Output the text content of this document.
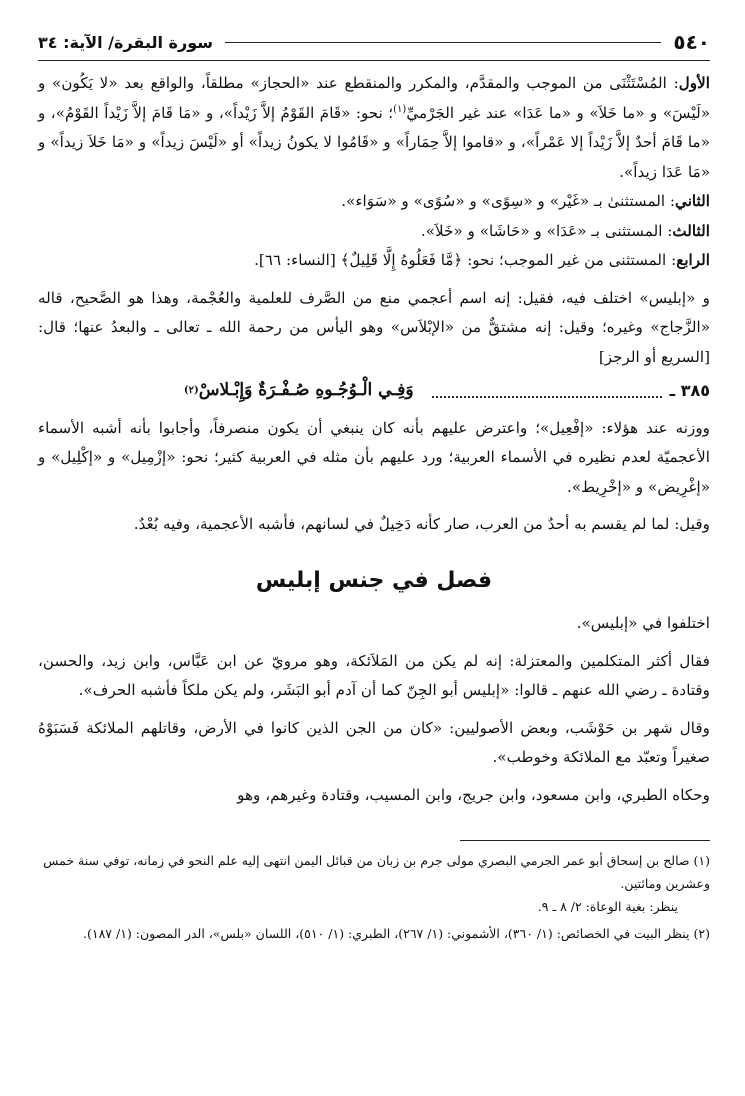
٥٤٠
سورة البقرة/ الآية: ٣٤

الأول: المُسْتَثْنَى من الموجب والمقدَّم، والمكرر والمنقطع عند «الحجاز» مطلقاً، والواقع بعد «لا يَكُون» و «لَيْسَ» و «ما خَلاَ» و «ما عَدَا» عند غير الجَرْميِّ$^{(١)}$؛ نحو: «قَامَ القَوْمُ إلاَّ زَيْداً»، و «مَا قَامَ إلاَّ زَيْداً القَوْمُ»، و «ما قَامَ أحدٌ إلاَّ زَيْداً إلا عَمْراً»، و «قاموا إلاَّ حِمَاراً» و «قَامُوا لا يكونُ زيداً» أو «لَيْسَ زيداً» و «مَا خَلاَ زيداً» و «مَا عَدَا زيداً».

الثاني: المستثنىٰ بـ «غَيْر» و «سِوًى» و «سُوًى» و «سَوَاء».

الثالث: المستثنى بـ «عَدَا» و «حَاشَا» و «خَلاَ».

الرابع: المستثنى من غير الموجب؛ نحو: ﴿مَّا فَعَلُوهُ إِلَّا قَلِيلٌ﴾ [النساء: ٦٦].

و «إبليس» اختلف فيه، فقيل: إنه اسم أعجمي منع من الصَّرف للعلمية والعُجْمة، وهذا هو الصَّحيح، قاله «الزَّجاج» وغيره؛ وقيل: إنه مشتقٌّ من «الإبْلاَس» وهو اليأس من رحمة الله ـ تعالى ـ والبعدُ عنها؛ قال: [السريع أو الرجز]

٣٨٥ ـ
وَفِـي الْـوُجُـوهِ صُـفْـرَةٌ وَإِبْـلاسْ
(٢)

ووزنه عند هؤلاء: «إفْعِيل»؛ واعترض عليهم بأنه كان ينبغي أن يكون منصرفاً، وأجابوا بأنه أشبه الأسماء الأعجميّة لعدم نظيره في الأسماء العربية؛ ورد عليهم بأن مثله في العربية كثير؛ نحو: «إزْمِيل» و «إكْلِيل» و «إغْرِيض» و «إخْرِيط».

وقيل: لما لم يقسم به أحدٌ من العرب، صار كأنه دَخِيلٌ في لسانهم، فأشبه الأعجمية، وفيه بُعْدٌ.

فصل في جنس إبليس

اختلفوا في «إبليس».

فقال أكثر المتكلمين والمعتزلة: إنه لم يكن من المَلاَئكة، وهو مرويّ عن ابن عَبَّاس، وابن زيد، والحسن، وقتادة ـ رضي الله عنهم ـ قالوا: «إبليس أبو الجِنّ كما أن آدم أبو البَشَر، ولم يكن ملكاً فأشبه الحرف».

وقال شهر بن حَوْشَب، وبعض الأصوليين: «كان من الجن الذين كانوا في الأرض، وقاتلهم الملائكة فَسَبَوْهُ صغيراً وتعبّد مع الملائكة وخوطب».

وحكاه الطبري، وابن مسعود، وابن جريج، وابن المسيب، وقتادة وغيرهم، وهو

(١) صالح بن إسحاق أبو عمر الجرمي البصري مولى جرم بن زبان من قبائل اليمن انتهى إليه علم النحو في زمانه، توفي سنة خمس وعشرين ومائتين.

ينظر: بغية الوعاة: ٢/ ٨ ـ ٩.

(٢) ينظر البيت في الخصائص: (١/ ٣٦٠)، الأشموني: (١/ ٢٦٧)، الطبري: (١/ ٥١٠)، اللسان «بلس»، الدر المصون: (١/ ١٨٧).
